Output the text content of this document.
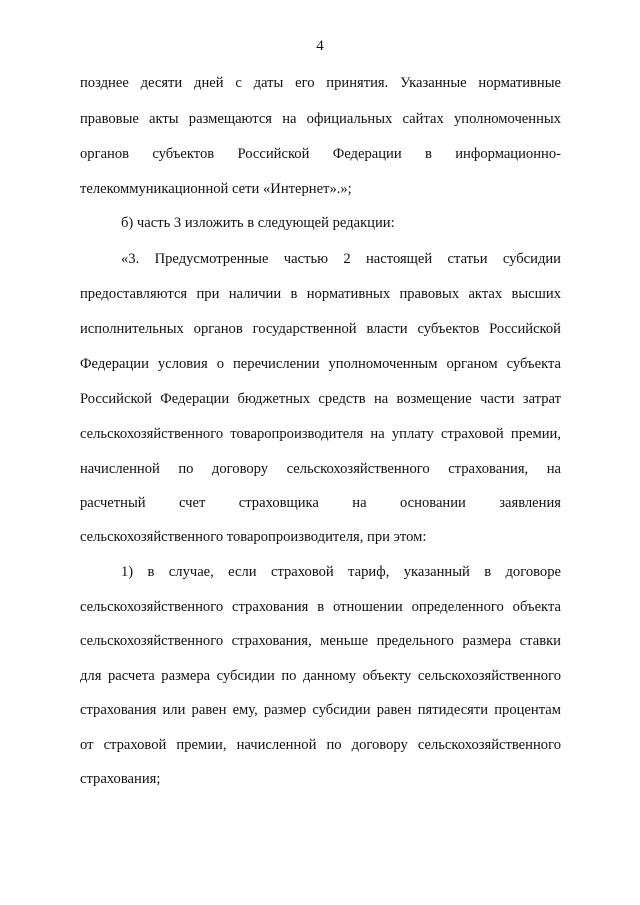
4
позднее десяти дней с даты его принятия. Указанные нормативные
правовые акты размещаются на официальных сайтах уполномоченных
органов субъектов Российской Федерации в информационно-
телекоммуникационной сети «Интернет».»;
б) часть 3 изложить в следующей редакции:
«3. Предусмотренные частью 2 настоящей статьи субсидии
предоставляются при наличии в нормативных правовых актах высших
исполнительных органов государственной власти субъектов Российской
Федерации условия о перечислении уполномоченным органом субъекта
Российской Федерации бюджетных средств на возмещение части затрат
сельскохозяйственного товаропроизводителя на уплату страховой премии,
начисленной по договору сельскохозяйственного страхования, на
расчетный счет страховщика на основании заявления
сельскохозяйственного товаропроизводителя, при этом:
1) в случае, если страховой тариф, указанный в договоре
сельскохозяйственного страхования в отношении определенного объекта
сельскохозяйственного страхования, меньше предельного размера ставки
для расчета размера субсидии по данному объекту сельскохозяйственного
страхования или равен ему, размер субсидии равен пятидесяти процентам
от страховой премии, начисленной по договору сельскохозяйственного
страхования;
